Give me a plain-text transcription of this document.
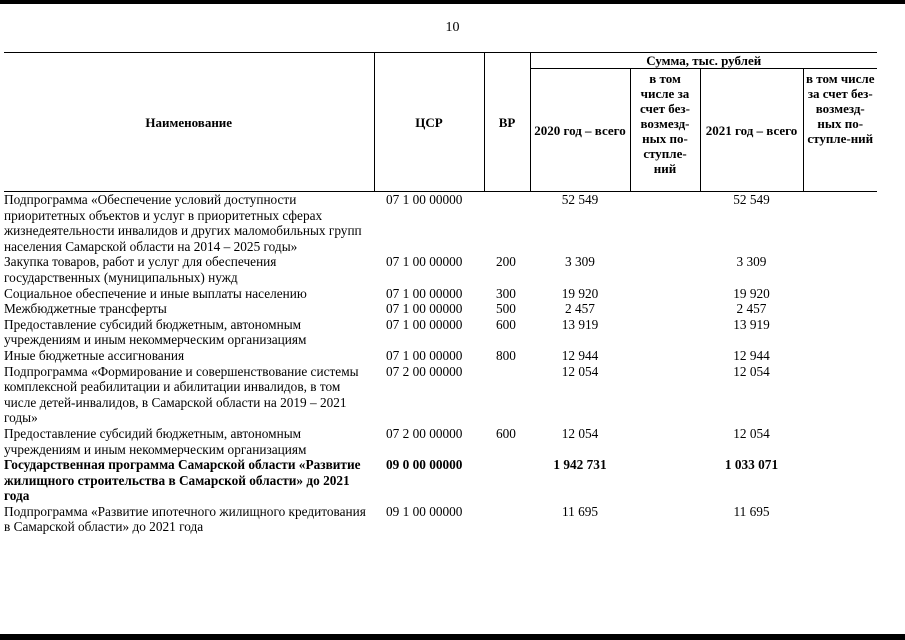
10
Наименование	ЦСР	ВР	Сумма, тыс. рублей			
			2020 год – всего	в том числе за счет без-возмезд-ных по-ступле-ний	2021 год – всего	в том числе за счет без-возмезд-ных по-ступле-ний
Подпрограмма «Обеспечение условий доступности приоритетных объектов и услуг в приоритетных сферах жизнедеятельности инвалидов и других маломобильных групп населения Самарской области на 2014 – 2025 годы»	07 1 00 00000		52 549		52 549	
Закупка товаров, работ и услуг для обеспечения государственных (муниципальных) нужд	07 1 00 00000	200	3 309		3 309	
Социальное обеспечение и иные выплаты населению	07 1 00 00000	300	19 920		19 920	
Межбюджетные трансферты	07 1 00 00000	500	2 457		2 457	
Предоставление субсидий бюджетным, автономным учреждениям и иным некоммерческим организациям	07 1 00 00000	600	13 919		13 919	
Иные бюджетные ассигнования	07 1 00 00000	800	12 944		12 944	
Подпрограмма «Формирование и совершенствование системы комплексной реабилитации и абилитации инвалидов, в том числе детей-инвалидов, в Самарской области на 2019 – 2021 годы»	07 2 00 00000		12 054		12 054	
Предоставление субсидий бюджетным, автономным учреждениям и иным некоммерческим организациям	07 2 00 00000	600	12 054		12 054	
Государственная программа Самарской области «Развитие жилищного строительства в Самарской области» до 2021 года	09 0 00 00000		1 942 731		1 033 071	
Подпрограмма «Развитие ипотечного жилищного кредитования в Самарской области» до 2021 года	09 1 00 00000		11 695		11 695	
